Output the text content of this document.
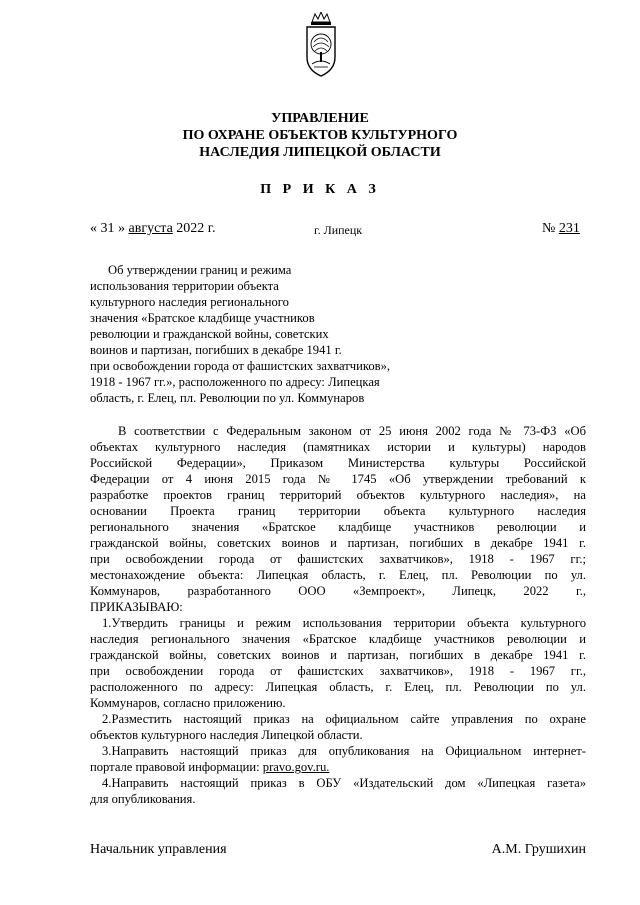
УПРАВЛЕНИЕ
ПО ОХРАНЕ ОБЪЕКТОВ КУЛЬТУРНОГО
НАСЛЕДИЯ ЛИПЕЦКОЙ ОБЛАСТИ
П Р И К А З
« 31 » августа 2022 г.	г. Липецк	№ 231
Об утверждении границ и режима
использования территории объекта
культурного наследия регионального
значения «Братское кладбище участников
революции и гражданской войны, советских
воинов и партизан, погибших в декабре 1941 г.
при освобождении города от фашистских захватчиков»,
1918 - 1967 гг.», расположенного по адресу: Липецкая
область, г. Елец, пл. Революции по ул. Коммунаров
В соответствии с Федеральным законом от 25 июня 2002 года № 73-ФЗ «Об
объектах культурного наследия (памятниках истории и культуры) народов
Российской Федерации», Приказом Министерства культуры Российской
Федерации от 4 июня 2015 года № 1745 «Об утверждении требований к
разработке проектов границ территорий объектов культурного наследия», на
основании Проекта границ территории объекта культурного наследия
регионального значения «Братское кладбище участников революции и
гражданской войны, советских воинов и партизан, погибших в декабре 1941 г.
при освобождении города от фашистских захватчиков», 1918 - 1967 гг.;
местонахождение объекта: Липецкая область, г. Елец, пл. Революции по ул.
Коммунаров, разработанного ООО «Земпроект», Липецк, 2022 г.,
ПРИКАЗЫВАЮ:
1.Утвердить границы и режим использования территории объекта культурного
наследия регионального значения «Братское кладбище участников революции и
гражданской войны, советских воинов и партизан, погибших в декабре 1941 г.
при освобождении города от фашистских захватчиков», 1918 - 1967 гг.,
расположенного по адресу: Липецкая область, г. Елец, пл. Революции по ул.
Коммунаров, согласно приложению.
2.Разместить настоящий приказ на официальном сайте управления по охране
объектов культурного наследия Липецкой области.
3.Направить настоящий приказ для опубликования на Официальном интернет-
портале правовой информации: pravo.gov.ru.
4.Направить настоящий приказ в ОБУ «Издательский дом «Липецкая газета»
для опубликования.
Начальник управления	А.М. Грушихин
